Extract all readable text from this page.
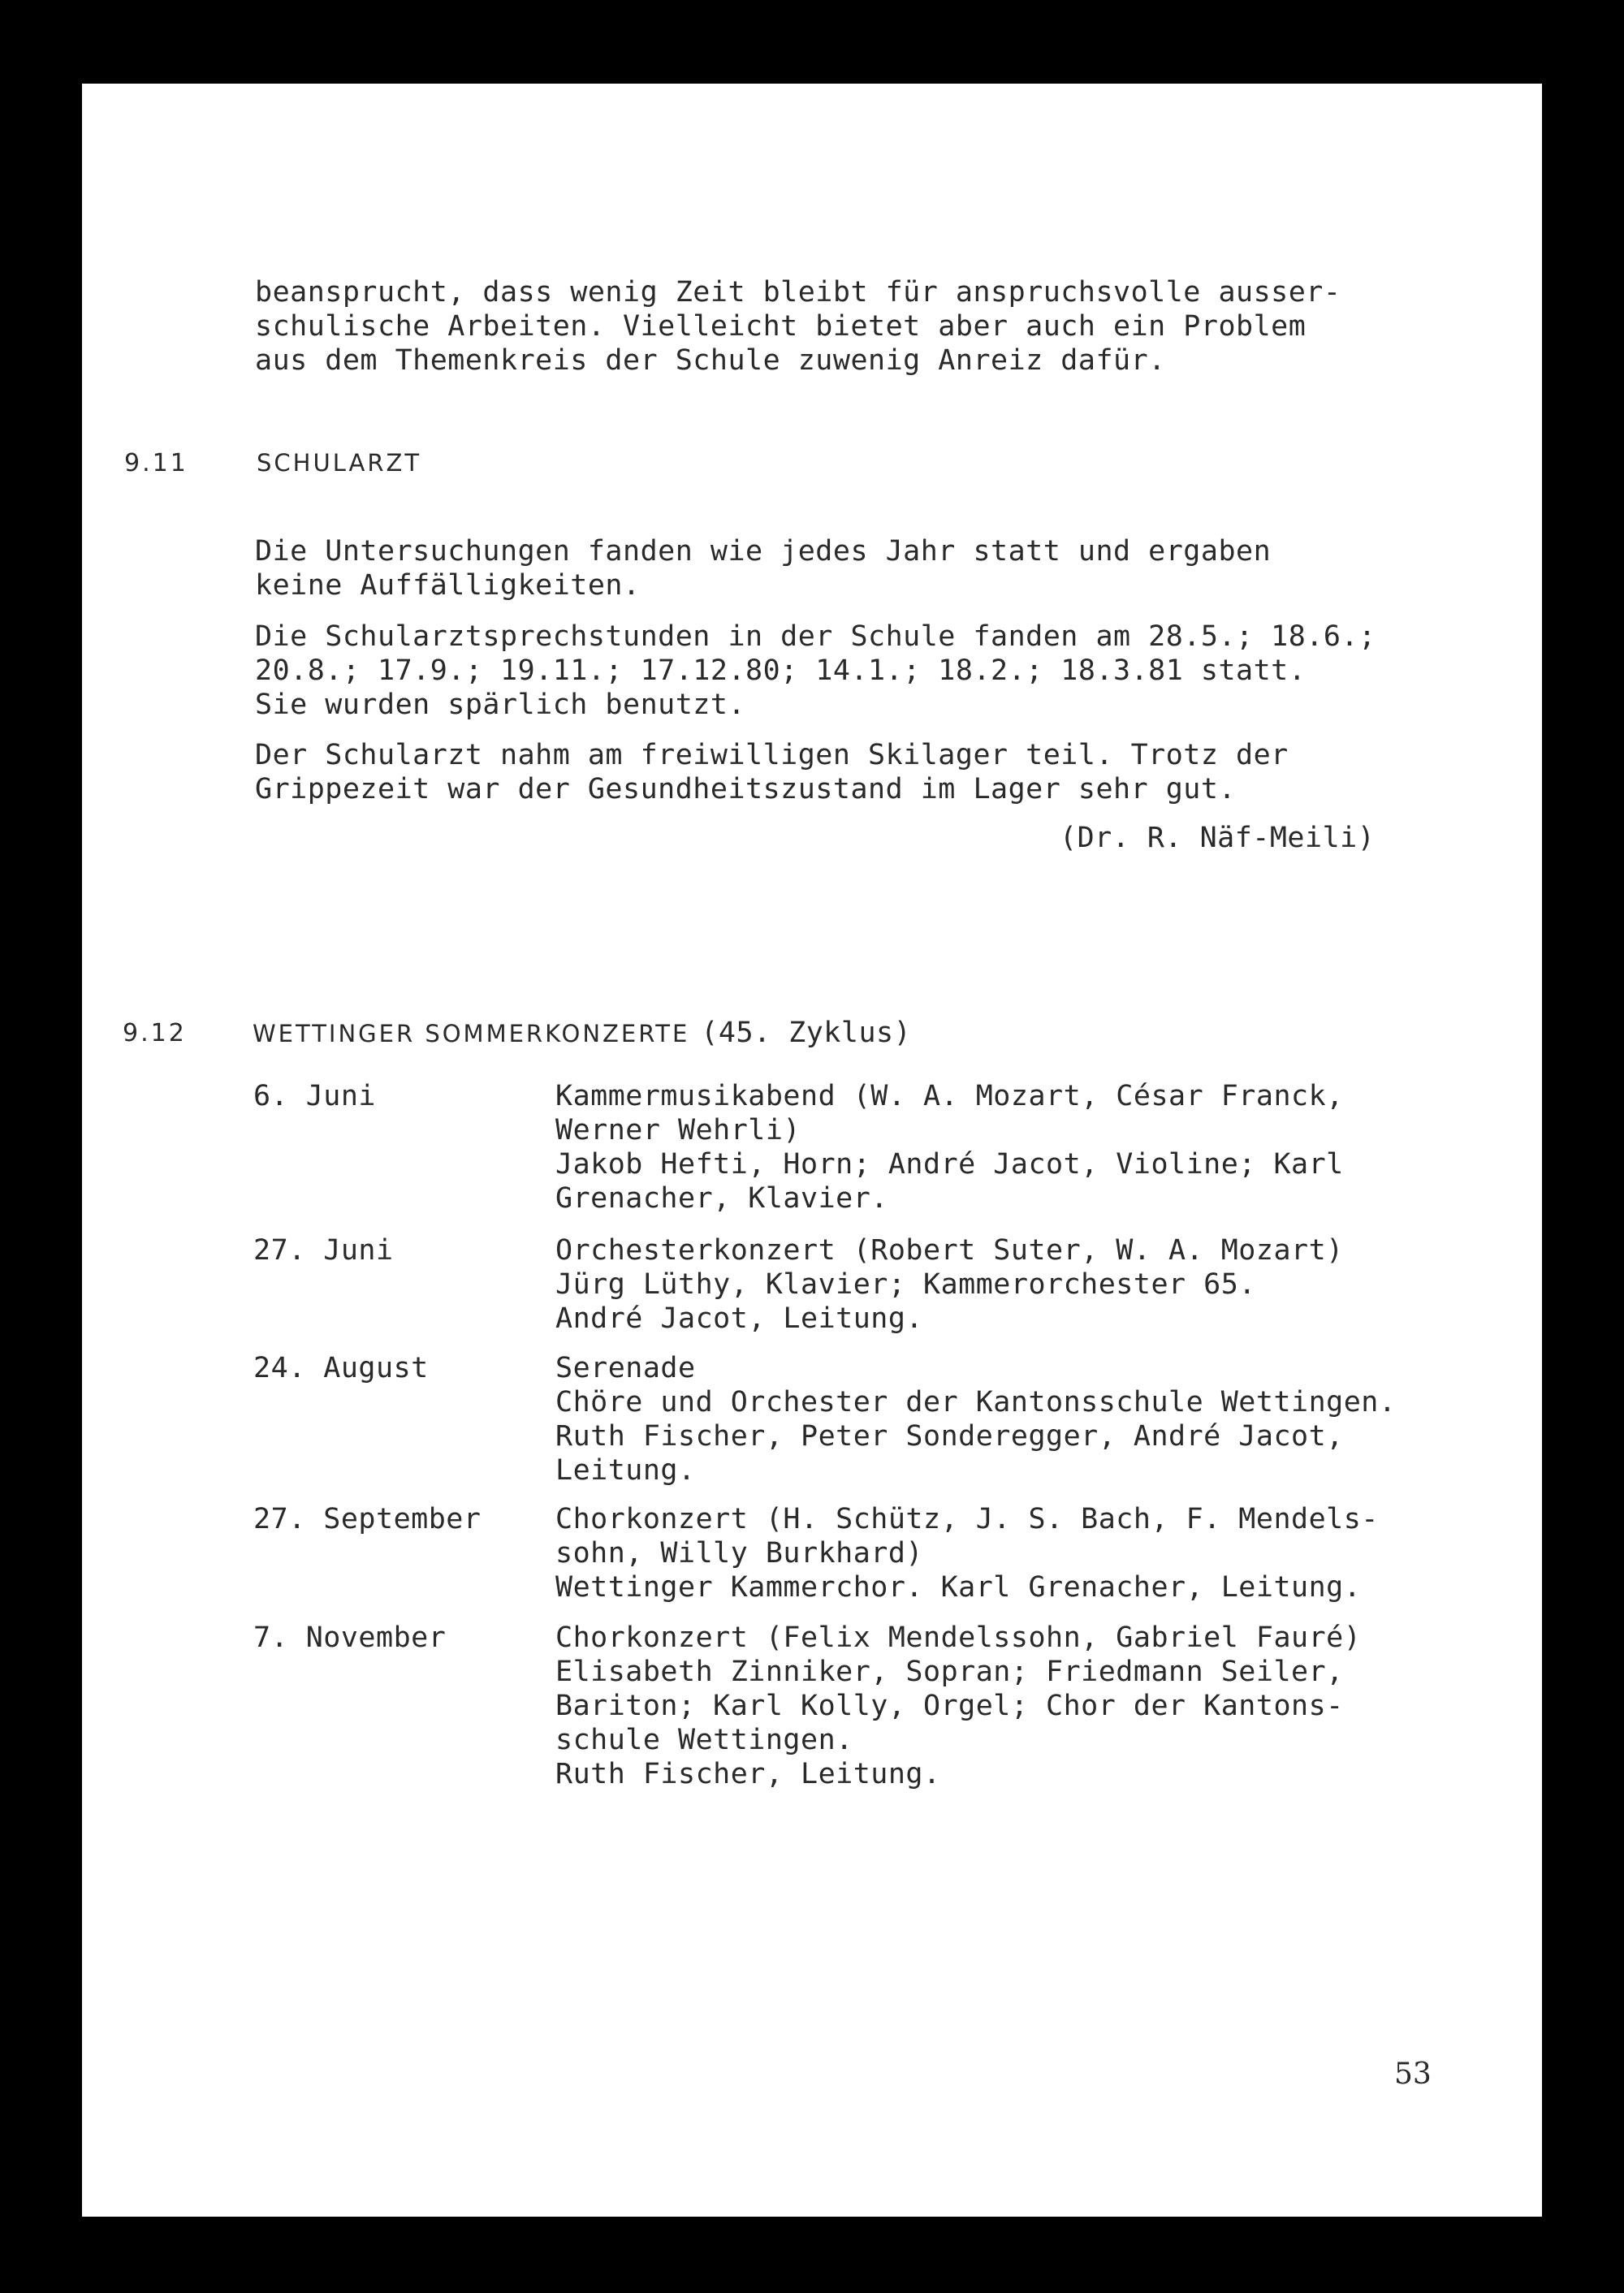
beansprucht, dass wenig Zeit bleibt für anspruchsvolle ausser-
schulische Arbeiten. Vielleicht bietet aber auch ein Problem
aus dem Themenkreis der Schule zuwenig Anreiz dafür.
9.11	SCHULARZT
Die Untersuchungen fanden wie jedes Jahr statt und ergaben
keine Auffälligkeiten.
Die Schularztsprechstunden in der Schule fanden am 28.5.; 18.6.;
20.8.; 17.9.; 19.11.; 17.12.80; 14.1.; 18.2.; 18.3.81 statt.
Sie wurden spärlich benutzt.
Der Schularzt nahm am freiwilligen Skilager teil. Trotz der
Grippezeit war der Gesundheitszustand im Lager sehr gut.
(Dr. R. Näf-Meili)
9.12	WETTINGER SOMMERKONZERTE (45. Zyklus)
6. Juni	Kammermusikabend (W. A. Mozart, César Franck,
Werner Wehrli)
Jakob Hefti, Horn; André Jacot, Violine; Karl
Grenacher, Klavier.
27. Juni	Orchesterkonzert (Robert Suter, W. A. Mozart)
Jürg Lüthy, Klavier; Kammerorchester 65.
André Jacot, Leitung.
24. August	Serenade
Chöre und Orchester der Kantonsschule Wettingen.
Ruth Fischer, Peter Sonderegger, André Jacot,
Leitung.
27. September	Chorkonzert (H. Schütz, J. S. Bach, F. Mendels-
sohn, Willy Burkhard)
Wettinger Kammerchor. Karl Grenacher, Leitung.
7. November	Chorkonzert (Felix Mendelssohn, Gabriel Fauré)
Elisabeth Zinniker, Sopran; Friedmann Seiler,
Bariton; Karl Kolly, Orgel; Chor der Kantons-
schule Wettingen.
Ruth Fischer, Leitung.
53
